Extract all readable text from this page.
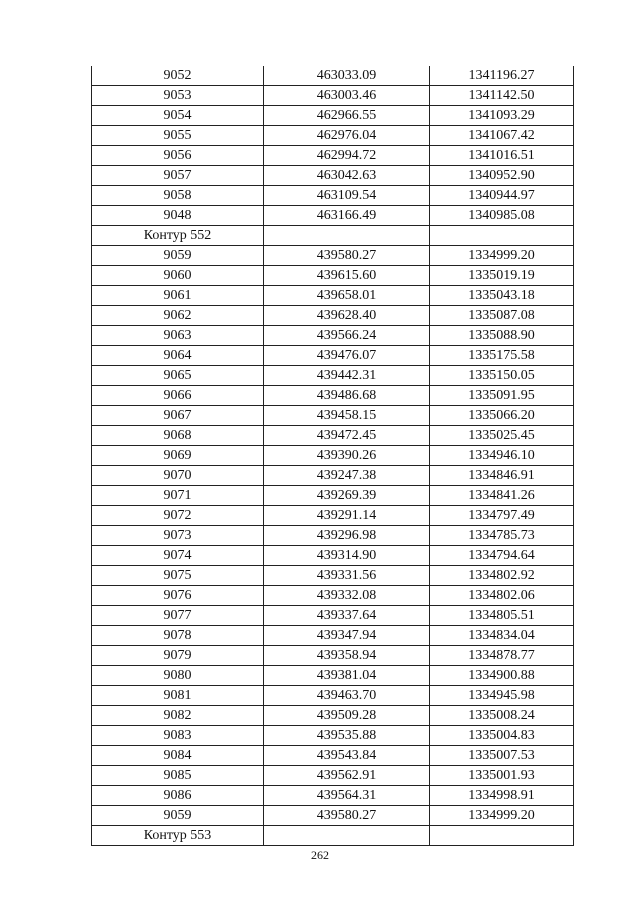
9052	463033.09	1341196.27
9053	463003.46	1341142.50
9054	462966.55	1341093.29
9055	462976.04	1341067.42
9056	462994.72	1341016.51
9057	463042.63	1340952.90
9058	463109.54	1340944.97
9048	463166.49	1340985.08
Контур 552		
9059	439580.27	1334999.20
9060	439615.60	1335019.19
9061	439658.01	1335043.18
9062	439628.40	1335087.08
9063	439566.24	1335088.90
9064	439476.07	1335175.58
9065	439442.31	1335150.05
9066	439486.68	1335091.95
9067	439458.15	1335066.20
9068	439472.45	1335025.45
9069	439390.26	1334946.10
9070	439247.38	1334846.91
9071	439269.39	1334841.26
9072	439291.14	1334797.49
9073	439296.98	1334785.73
9074	439314.90	1334794.64
9075	439331.56	1334802.92
9076	439332.08	1334802.06
9077	439337.64	1334805.51
9078	439347.94	1334834.04
9079	439358.94	1334878.77
9080	439381.04	1334900.88
9081	439463.70	1334945.98
9082	439509.28	1335008.24
9083	439535.88	1335004.83
9084	439543.84	1335007.53
9085	439562.91	1335001.93
9086	439564.31	1334998.91
9059	439580.27	1334999.20
Контур 553		
262
